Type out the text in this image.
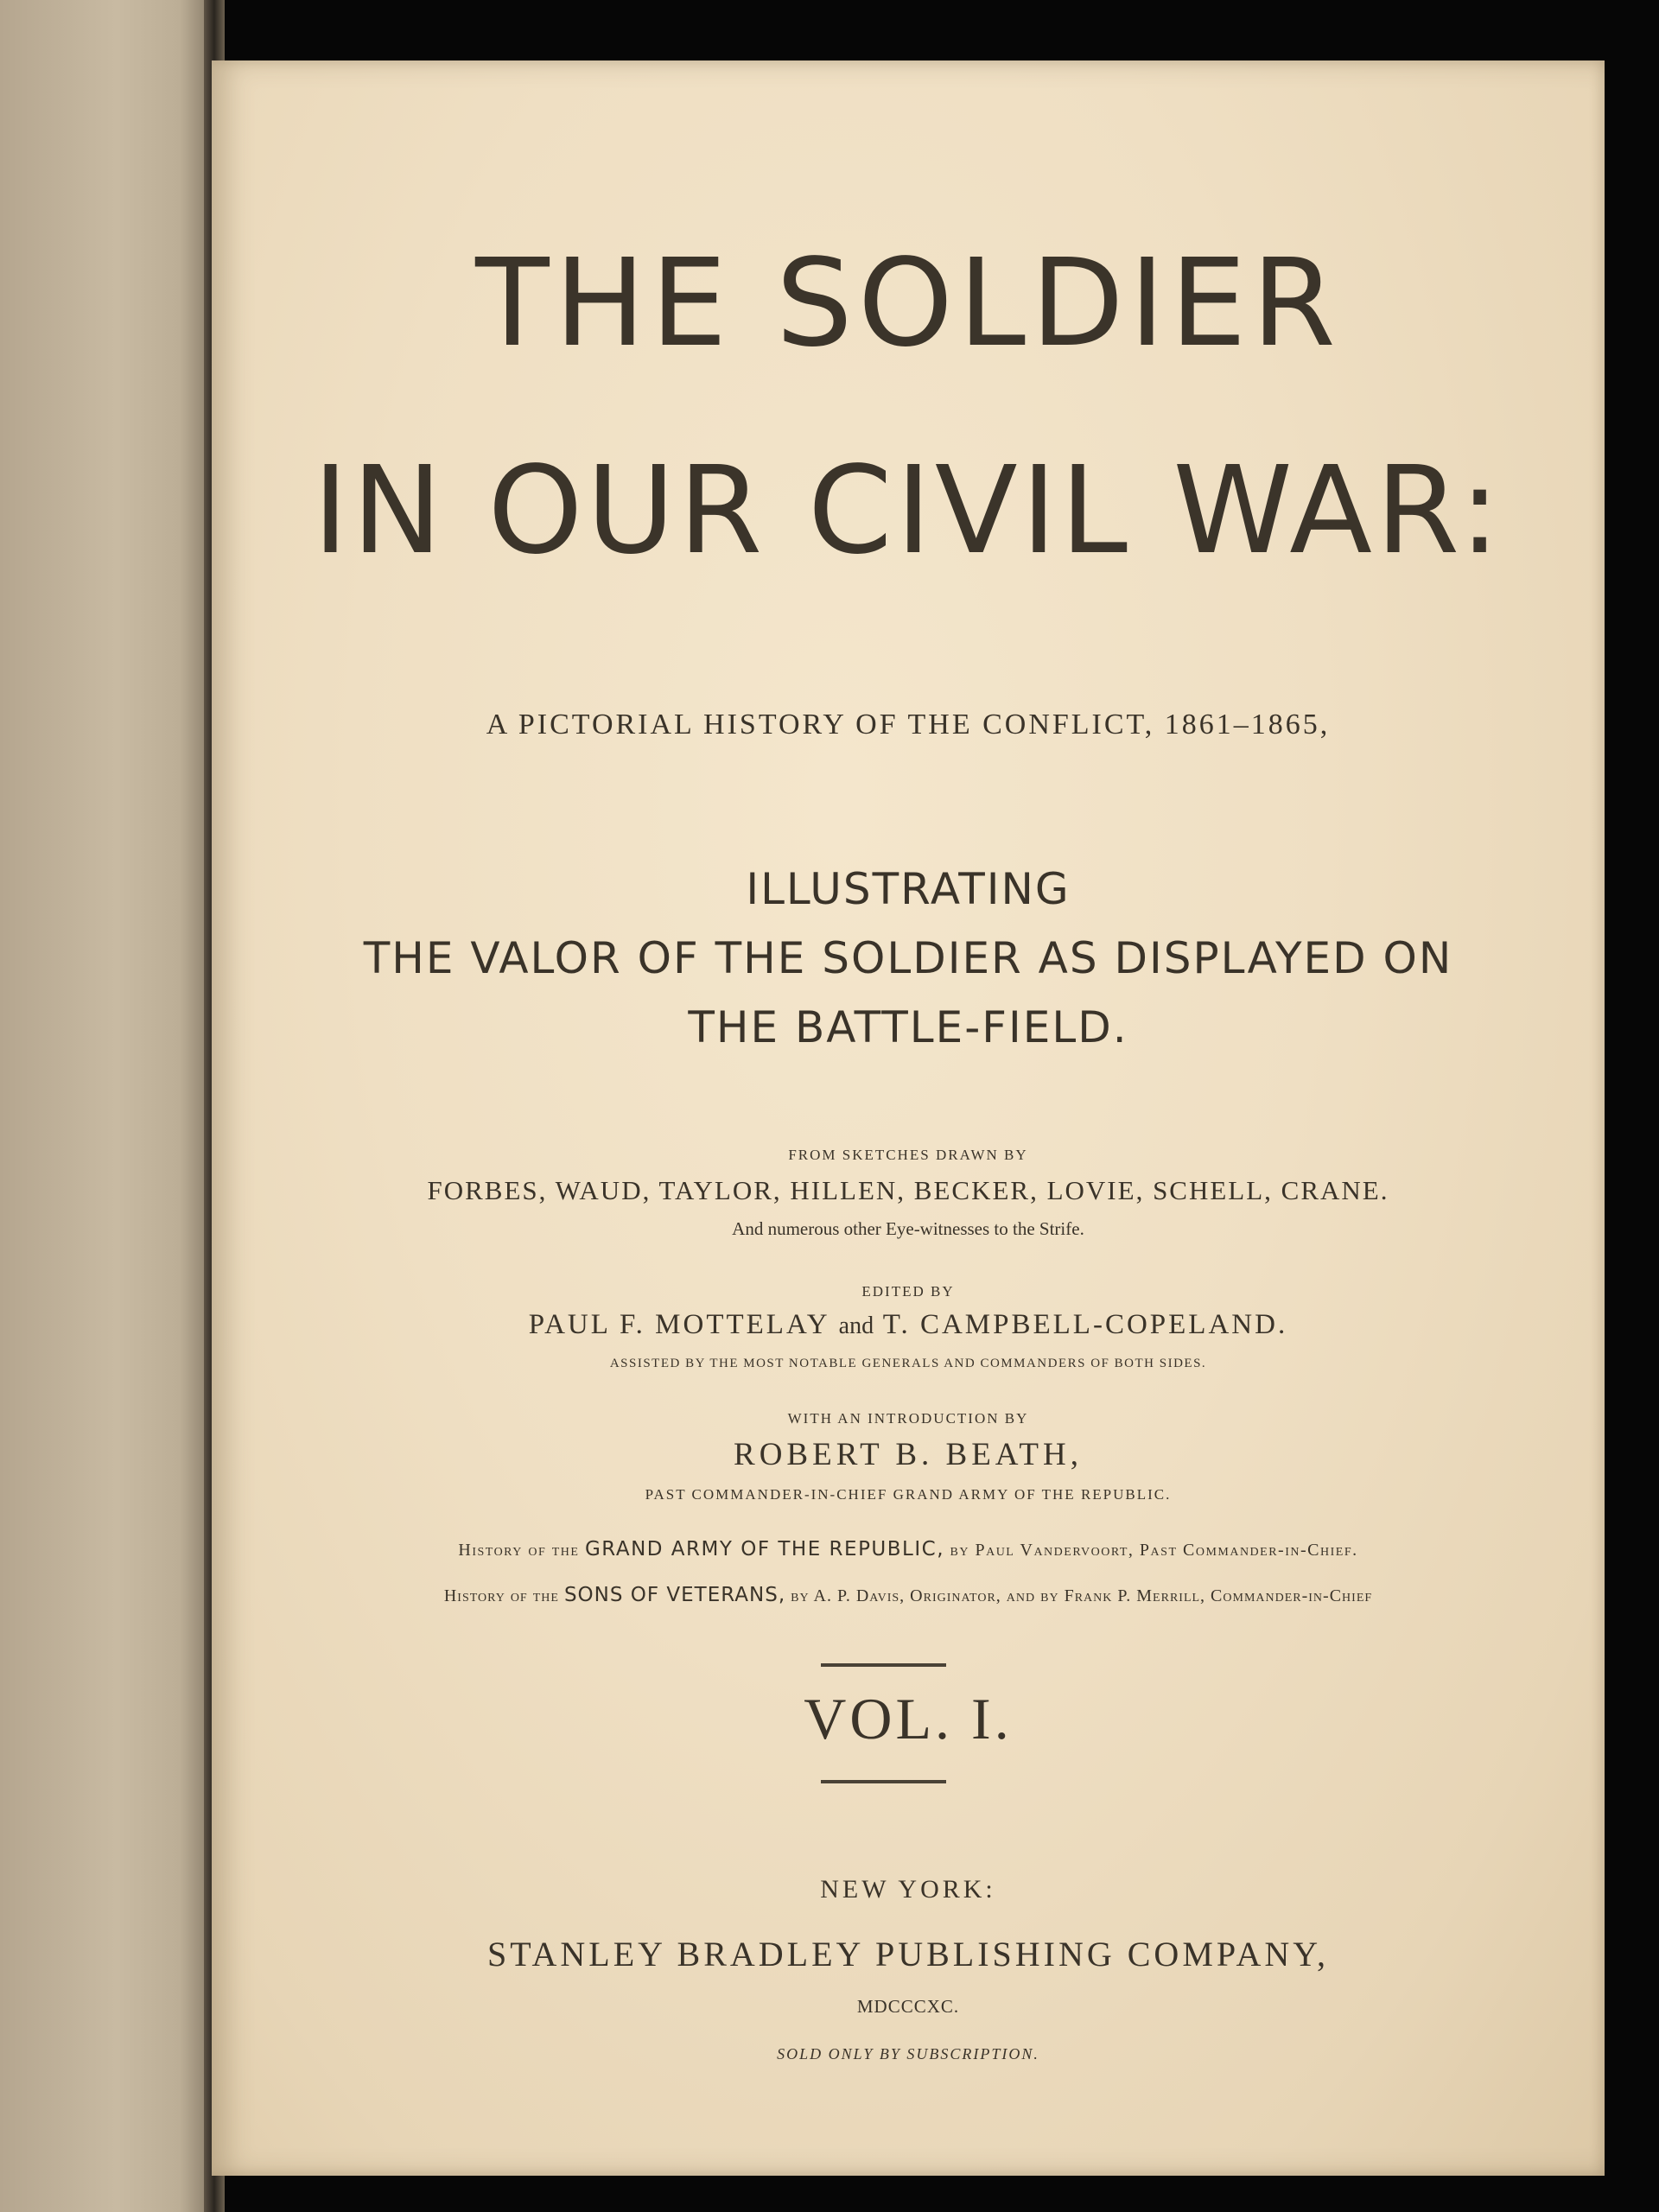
THE SOLDIER
IN OUR CIVIL WAR:
A PICTORIAL HISTORY OF THE CONFLICT, 1861–1865,
ILLUSTRATING
THE VALOR OF THE SOLDIER AS DISPLAYED ON
THE BATTLE-FIELD.
FROM SKETCHES DRAWN BY
FORBES, WAUD, TAYLOR, HILLEN, BECKER, LOVIE, SCHELL, CRANE.
And numerous other Eye-witnesses to the Strife.
EDITED BY
PAUL F. MOTTELAY and T. CAMPBELL-COPELAND.
ASSISTED BY THE MOST NOTABLE GENERALS AND COMMANDERS OF BOTH SIDES.
WITH AN INTRODUCTION BY
ROBERT B. BEATH,
PAST COMMANDER-IN-CHIEF GRAND ARMY OF THE REPUBLIC.
History of the GRAND ARMY OF THE REPUBLIC, by Paul Vandervoort, Past Commander-in-Chief.
History of the SONS OF VETERANS, by A. P. Davis, Originator, and by Frank P. Merrill, Commander-in-Chief
VOL. I.
NEW YORK:
STANLEY BRADLEY PUBLISHING COMPANY,
MDCCCXC.
SOLD ONLY BY SUBSCRIPTION.
